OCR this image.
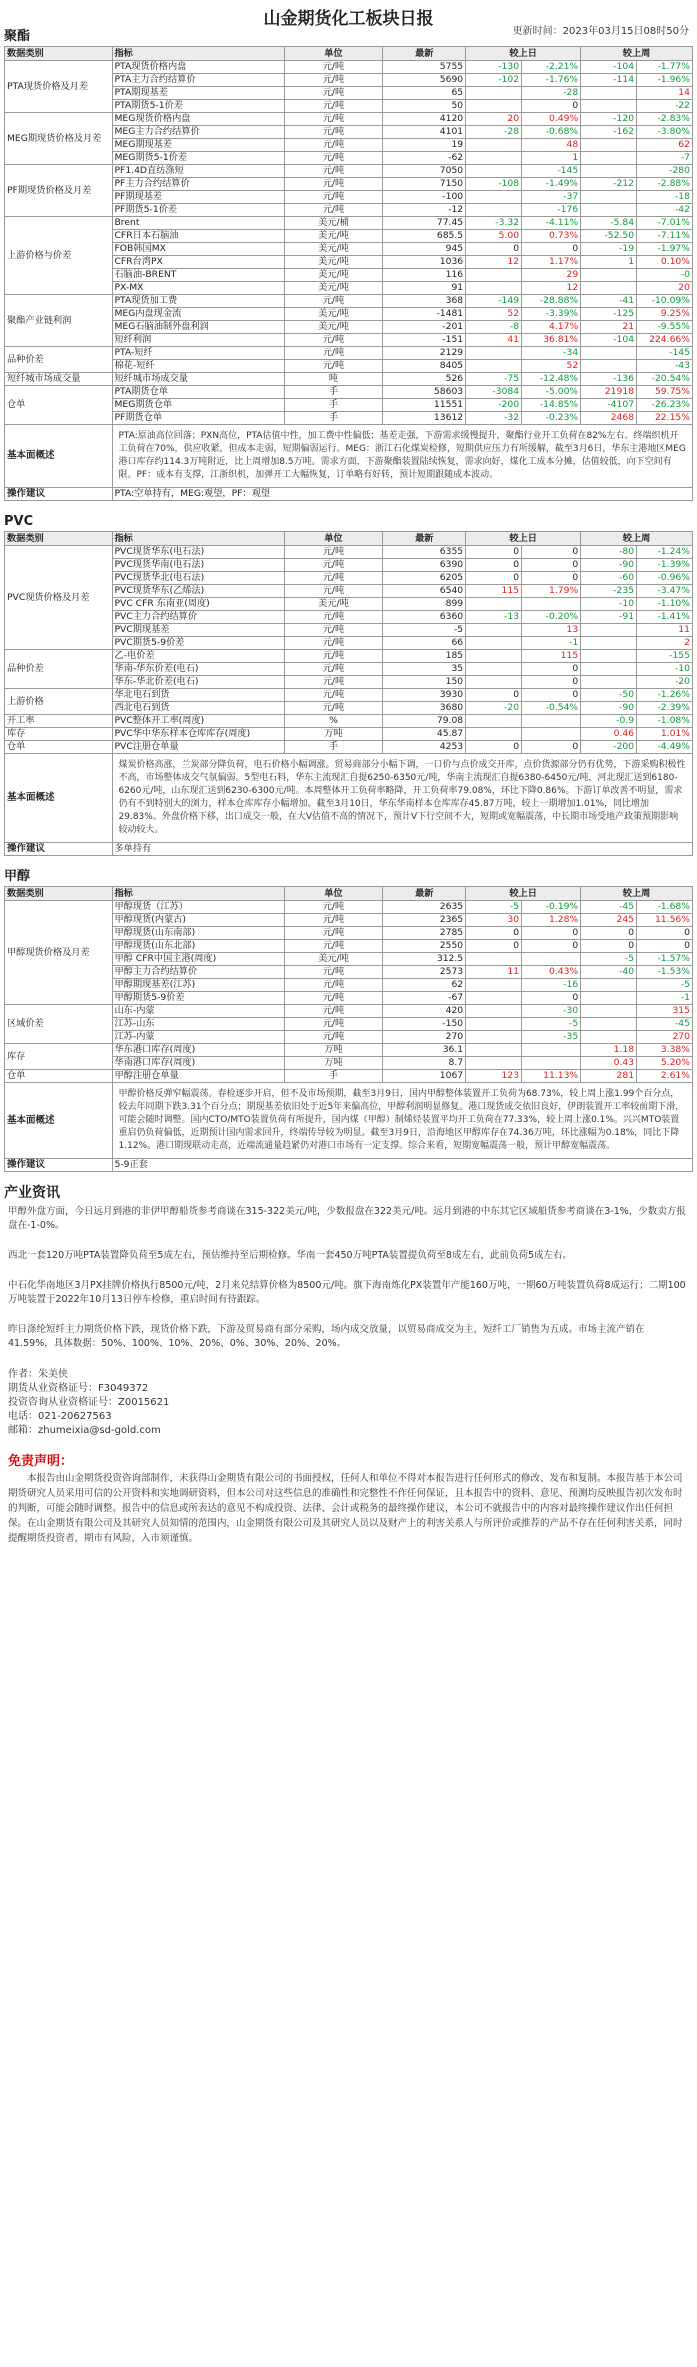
山金期货化工板块日报
更新时间：2023年03月15日08时50分
聚酯
数据类别	指标	单位	最新	较上日		较上周	
PTA现货价格及月差	PTA现货价格内盘	元/吨	5755	-130	-2.21%	-104	-1.77%
	PTA主力合约结算价	元/吨	5690	-102	-1.76%	-114	-1.96%
	PTA期现基差	元/吨	65		-28		14
	PTA期货5-1价差	元/吨	50		0		-22
MEG期现货价格及月差	MEG现货价格内盘	元/吨	4120	20	0.49%	-120	-2.83%
	MEG主力合约结算价	元/吨	4101	-28	-0.68%	-162	-3.80%
	MEG期现基差	元/吨	19		48		62
	MEG期货5-1价差	元/吨	-62		1		-7
PF期现货价格及月差	PF1.4D直纺涤短	元/吨	7050		-145		-280
	PF主力合约结算价	元/吨	7150	-108	-1.49%	-212	-2.88%
	PF期现基差	元/吨	-100		-37		-18
	PF期货5-1价差	元/吨	-12		-176		-42
上游价格与价差	Brent	美元/桶	77.45	-3.32	-4.11%	-5.84	-7.01%
	CFR日本石脑油	美元/吨	685.5	5.00	0.73%	-52.50	-7.11%
	FOB韩国MX	美元/吨	945	0	0	-19	-1.97%
	CFR台湾PX	美元/吨	1036	12	1.17%	1	0.10%
	石脑油-BRENT	美元/吨	116		29		-0
	PX-MX	美元/吨	91		12		20
聚酯产业链利润	PTA现货加工费	元/吨	368	-149	-28.88%	-41	-10.09%
	MEG内盘现金流	美元/吨	-1481	52	-3.39%	-125	9.25%
	MEG石脑油制外盘利润	美元/吨	-201	-8	4.17%	21	-9.55%
	短纤利润	元/吨	-151	41	36.81%	-104	224.66%
品种价差	PTA-短纤	元/吨	2129		-34		-145
	棉花-短纤	元/吨	8405		52		-43
短纤城市场成交量	短纤城市场成交量	吨	526	-75	-12.48%	-136	-20.54%
仓单	PTA期货仓单	手	58603	-3084	-5.00%	21918	59.75%
	MEG期货仓单	手	11551	-200	-14.85%	-4107	-26.23%
	PF期货仓单	手	13612	-32	-0.23%	2468	22.15%
基本面概述	PTA:原油高位回落；PXN高位，PTA估值中性，加工费中性偏低；基差走强，下游需求缓慢提升，聚酯行业开工负荷在82%左右。终端织机开工负荷在70%，供应收紧，但成本走弱，短期偏弱运行。MEG：浙江石化煤炭检修，短期供应压力有所缓解，截至3月6日，华东主港地区MEG港口库存约114.3万吨附近，比上周增加8.5万吨。需求方面，下游聚酯装置陆续恢复，需求向好，煤化工成本分摊，估值较低，向下空间有限。PF：成本有支撑，江浙织机，加弹开工大幅恢复，订单略有好转，预计短期跟随成本波动。						
操作建议	PTA:空单持有，MEG:观望，PF：观望						
PVC
数据类别	指标	单位	最新	较上日		较上周	
PVC现货价格及月差	PVC现货华东(电石法)	元/吨	6355	0	0	-80	-1.24%
	PVC现货华南(电石法)	元/吨	6390	0	0	-90	-1.39%
	PVC现货华北(电石法)	元/吨	6205	0	0	-60	-0.96%
	PVC现货华东(乙烯法)	元/吨	6540	115	1.79%	-235	-3.47%
	PVC CFR 东南亚(周度)	美元/吨	899			-10	-1.10%
	PVC主力合约结算价	元/吨	6360	-13	-0.20%	-91	-1.41%
	PVC期现基差	元/吨	-5		13		11
	PVC期货5-9价差	元/吨	66		-1		2
品种价差	乙-电价差	元/吨	185		115		-155
	华南-华东价差(电石)	元/吨	35		0		-10
	华东-华北价差(电石)	元/吨	150		0		-20
上游价格	华北电石到货	元/吨	3930	0	0	-50	-1.26%
	西北电石到货	元/吨	3680	-20	-0.54%	-90	-2.39%
开工率	PVC整体开工率(周度)	%	79.08			-0.9	-1.08%
库存	PVC华中华东样本仓库库存(周度)	万吨	45.87			0.46	1.01%
仓单	PVC注册仓单量	手	4253	0	0	-200	-4.49%
基本面概述	煤炭价格高涨，兰炭部分降负荷，电石价格小幅调涨。贸易商部分小幅下调，一口价与点价成交开库，点价货源部分仍有优势，下游采购积极性不高，市场整体成交气氛偏弱。5型电石料，华东主流现汇自提6250-6350元/吨，华南主流现汇自提6380-6450元/吨，河北现汇送到6180-6260元/吨，山东现汇送到6230-6300元/吨。本周整体开工负荷率略降，开工负荷率79.08%，环比下降0.86%。下游订单改善不明显，需求仍有不到特别大的浏力，样本仓库库存小幅增加。截至3月10日，华东华南样本仓库库存45.87万吨，较上一期增加1.01%，同比增加29.83%。外盘价格下移，出口成交一般，在大V估值不高的情况下，预计V下行空间不大，短期或宽幅震荡，中长期市场受地产政策预期影响较动较大。						
操作建议	多单持有						
甲醇
数据类别	指标	单位	最新	较上日		较上周	
甲醇现货价格及月差	甲醇现货（江苏）	元/吨	2635	-5	-0.19%	-45	-1.68%
	甲醇现货(内蒙古)	元/吨	2365	30	1.28%	245	11.56%
	甲醇现货(山东南部)	元/吨	2785	0	0	0	0
	甲醇现货(山东北部)	元/吨	2550	0	0	0	0
	甲醇 CFR中国主港(周度)	美元/吨	312.5			-5	-1.57%
	甲醇主力合约结算价	元/吨	2573	11	0.43%	-40	-1.53%
	甲醇期现基差(江苏)	元/吨	62		-16		-5
	甲醇期货5-9价差	元/吨	-67		0		-1
区域价差	山东-内蒙	元/吨	420		-30		315
	江苏-山东	元/吨	-150		-5		-45
	江苏-内蒙	元/吨	270		-35		270
库存	华东港口库存(周度)	万吨	36.1			1.18	3.38%
	华南港口库存(周度)	万吨	8.7			0.43	5.20%
仓单	甲醇注册仓单量	手	1067	123	11.13%	281	2.61%
基本面概述	甲醇价格反弹窄幅震荡。春检逐步开启，但不及市场预期，截至3月9日，国内甲醇整体装置开工负荷为68.73%，较上周上涨1.99个百分点，较去年同期下跌3.31个百分点；期现基差依旧处于近5年来偏高位，甲醇利润明显修复。港口现货成交依旧良好，伊朗装置开工率较前期下滑，可能会随时调整。国内CTO/MTO装置负荷有所提升，国内煤（甲醇）制烯烃装置平均开工负荷在77.33%，较上周上涨0.1%。兴兴MTO装置重启仍负荷偏低，近期预计国内需求回升，终端传导较为明显。截至3月9日，沿海地区甲醇库存在74.36万吨，环比涨幅为0.18%，同比下降1.12%。港口期现联动走高，近端流通量趋紧仍对港口市场有一定支撑。综合来看，短期宽幅震荡一般，预计甲醇宽幅震荡。						
操作建议	5-9正套						
产业资讯
甲醇外盘方面，今日远月到港的非伊甲醇船货参考商谈在315-322美元/吨，少数报盘在322美元/吨。远月到港的中东其它区域船货参考商谈在3-1%，少数卖方报盘在-1-0%。
西北一套120万吨PTA装置降负荷至5成左右，预估维持至后期检修。华南一套450万吨PTA装置提负荷至8成左右，此前负荷5成左右。
中石化华南地区3月PX挂牌价格执行8500元/吨，2月来兑结算价格为8500元/吨。旗下海南炼化PX装置年产能160万吨，一期60万吨装置负荷8成运行；二期100万吨装置于2022年10月13日停车检修，重启时间有待跟踪。
昨日涤纶短纤主力期货价格下跌，现货价格下跌，下游及贸易商有部分采购，场内成交放量，以贸易商成交为主，短纤工厂销售为五成。市场主流产销在41.59%，具体数据：50%、100%、10%、20%、0%、30%、20%、20%。
作者：朱美侠
期货从业资格证号：F3049372
投资咨询从业资格证号：Z0015621
电话：021-20627563
邮箱：zhumeixia@sd-gold.com
免责声明：
本报告由山金期货投资咨询部制作，未获得山金期货有限公司的书面授权，任何人和单位不得对本报告进行任何形式的修改、发布和复制。本报告基于本公司期货研究人员采用可信的公开资料和实地调研资料，但本公司对这些信息的准确性和完整性不作任何保证，且本报告中的资料、意见、预测均反映报告初次发布时的判断，可能会随时调整。报告中的信息或所表达的意见不构成投资、法律、会计或税务的最终操作建议，本公司不就报告中的内容对最终操作建议作出任何担保。在山金期货有限公司及其研究人员知情的范围内，山金期货有限公司及其研究人员以及财产上的利害关系人与所评价或推荐的产品不存在任何利害关系，同时提醒期货投资者，期市有风险，入市须谨慎。
